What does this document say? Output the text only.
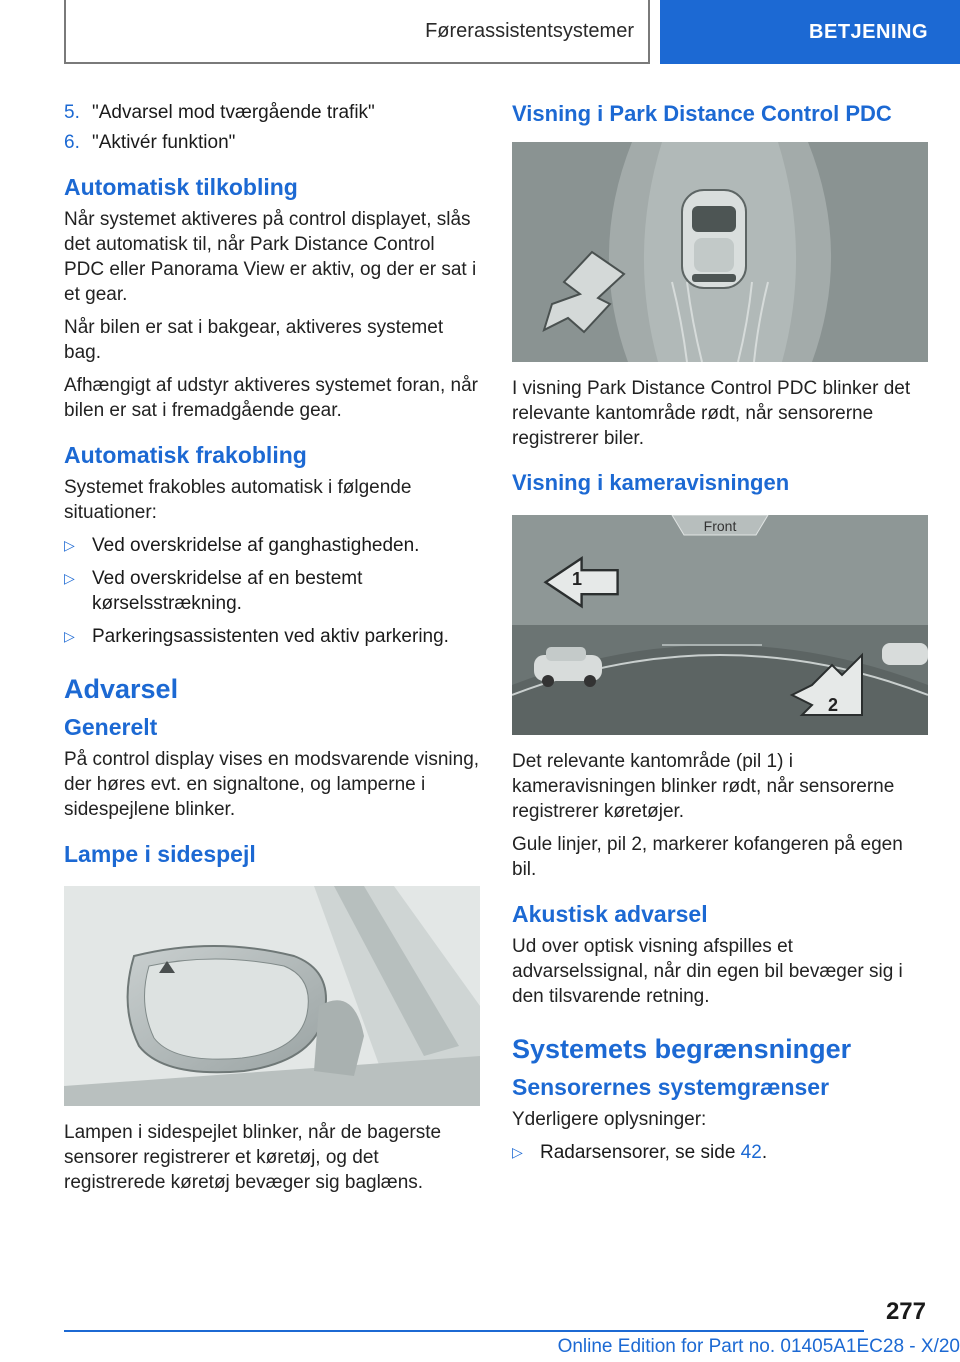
Førerassistentsystemer	BETJENING
5. "Advarsel mod tværgående trafik"
6. "Aktivér funktion"
Automatisk tilkobling

Når systemet aktiveres på control displayet, slås det automatisk til, når Park Distance Control PDC eller Panorama View er aktiv, og der er sat i et gear.

Når bilen er sat i bakgear, aktiveres systemet bag.

Afhængigt af udstyr aktiveres systemet foran, når bilen er sat i fremadgående gear.

Automatisk frakobling

Systemet frakobles automatisk i følgende situationer:

▷ Ved overskridelse af ganghastigheden.
▷ Ved overskridelse af en bestemt kørselsstrækning.
▷ Parkeringsassistenten ved aktiv parkering.
Advarsel
Generelt

På control display vises en modsvarende visning, der høres evt. en signaltone, og lamperne i sidespejlene blinker.

Lampe i sidespejl

Lampen i sidespejlet blinker, når de bagerste sensorer registrerer et køretøj, og det registrerede køretøj bevæger sig baglæns.

Visning i Park Distance Control PDC

I visning Park Distance Control PDC blinker det relevante kantområde rødt, når sensorerne registrerer biler.

Visning i kameravisningen
Front
1
2

Det relevante kantområde (pil 1) i kameravisningen blinker rødt, når sensorerne registrerer køretøjer.

Gule linjer, pil 2, markerer kofangeren på egen bil.

Akustisk advarsel

Ud over optisk visning afspilles et advarselssignal, når din egen bil bevæger sig i den tilsvarende retning.

Systemets begrænsninger
Sensorernes systemgrænser

Yderligere oplysninger:

▷ Radarsensorer, se side 42.
277
Online Edition for Part no. 01405A1EC28 - X/20
